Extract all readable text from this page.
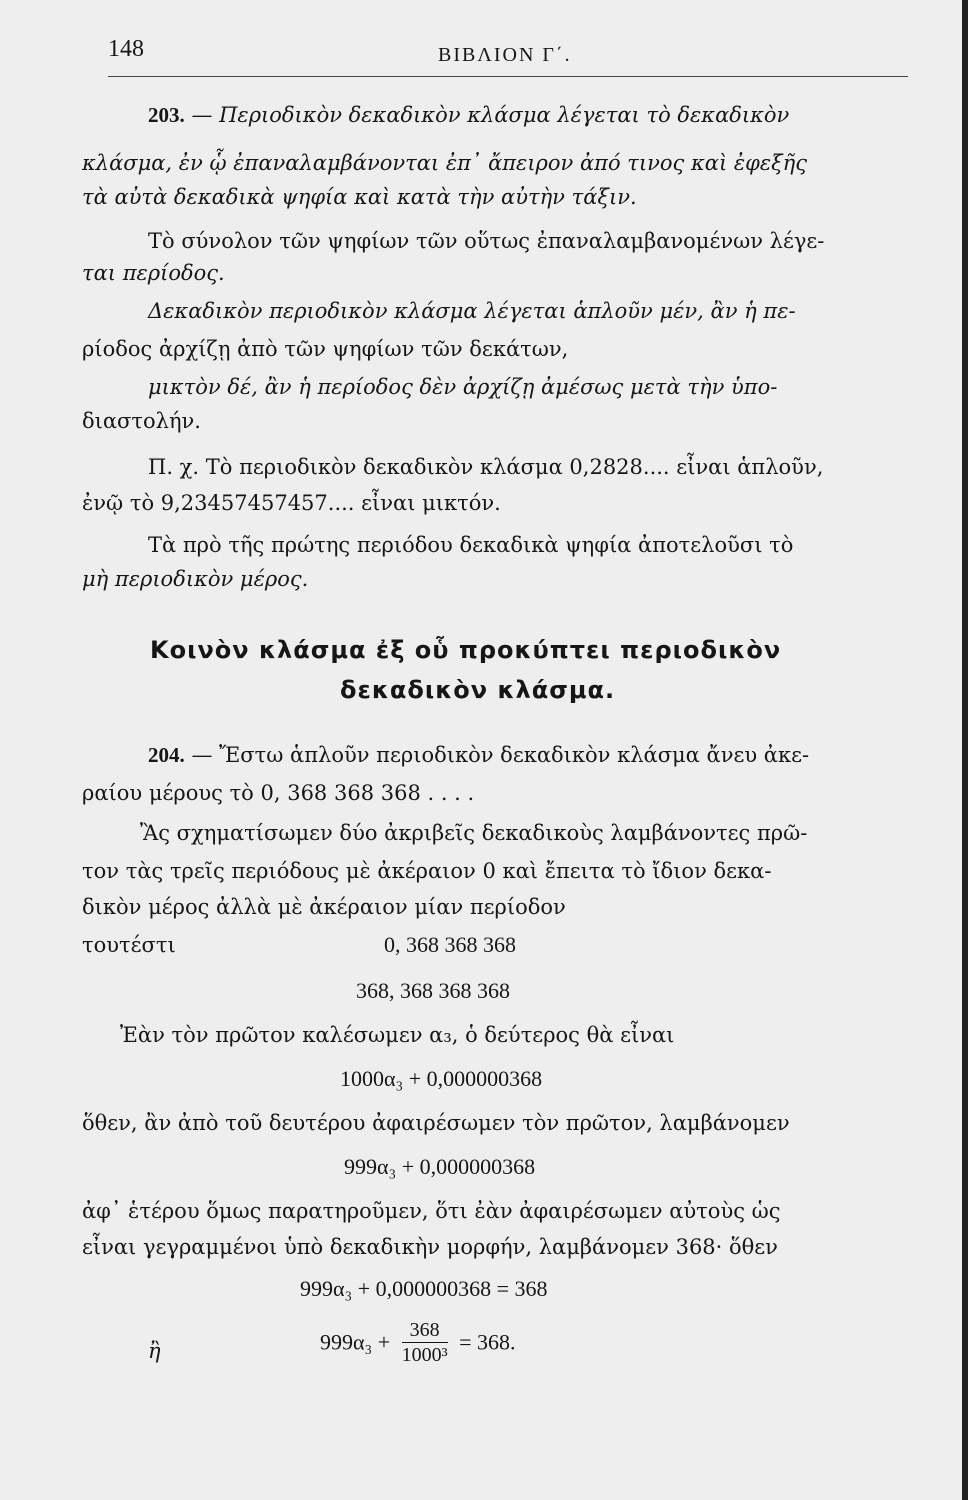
148	ΒΙΒΛΙΟΝ Γ΄.
203. — Περιοδικὸν δεκαδικὸν κλάσμα λέγεται τὸ δεκαδικὸν
κλάσμα, ἐν ᾧ ἐπαναλαμβάνονται ἐπ᾿ ἄπειρον ἀπό τινος καὶ ἐφεξῆς
τὰ αὐτὰ δεκαδικὰ ψηφία καὶ κατὰ τὴν αὐτὴν τάξιν.
Τὸ σύνολον τῶν ψηφίων τῶν οὕτως ἐπαναλαμβανομένων λέγε-
ται περίοδος.
Δεκαδικὸν περιοδικὸν κλάσμα λέγεται ἁπλοῦν μέν, ἂν ἡ πε-
ρίοδος ἀρχίζῃ ἀπὸ τῶν ψηφίων τῶν δεκάτων,
μικτὸν δέ, ἂν ἡ περίοδος δὲν ἀρχίζῃ ἀμέσως μετὰ τὴν ὑπο-
διαστολήν.
Π. χ. Τὸ περιοδικὸν δεκαδικὸν κλάσμα 0,2828.... εἶναι ἁπλοῦν,
ἐνῷ τὸ 9,23457457457.... εἶναι μικτόν.
Τὰ πρὸ τῆς πρώτης περιόδου δεκαδικὰ ψηφία ἀποτελοῦσι τὸ
μὴ περιοδικὸν μέρος.
Κοινὸν κλάσμα ἐξ οὗ προκύπτει περιοδικὸν
δεκαδικὸν κλάσμα.
204. — Ἔστω ἁπλοῦν περιοδικὸν δεκαδικὸν κλάσμα ἄνευ ἀκε-
ραίου μέρους τὸ 0, 368 368 368 . . . .
Ἂς σχηματίσωμεν δύο ἀκριβεῖς δεκαδικοὺς λαμβάνοντες πρῶ-
τον τὰς τρεῖς περιόδους μὲ ἀκέραιον 0 καὶ ἔπειτα τὸ ἴδιον δεκα-
δικὸν μέρος ἀλλὰ μὲ ἀκέραιον μίαν περίοδον
τουτέστι	0, 368 368 368
368, 368 368 368
Ἐὰν τὸν πρῶτον καλέσωμεν α₃, ὁ δεύτερος θὰ εἶναι
1000α₃ + 0,000000368
ὅθεν, ἂν ἀπὸ τοῦ δευτέρου ἀφαιρέσωμεν τὸν πρῶτον, λαμβάνομεν
999α₃ + 0,000000368
ἀφ᾿ ἑτέρου ὅμως παρατηροῦμεν, ὅτι ἐὰν ἀφαιρέσωμεν αὐτοὺς ὡς
εἶναι γεγραμμένοι ὑπὸ δεκαδικὴν μορφήν, λαμβάνομεν 368· ὅθεν
999α₃ + 0,000000368 = 368
ἢ	$999\alpha_3 + \frac{368}{\text{1000³}} = 368$.
